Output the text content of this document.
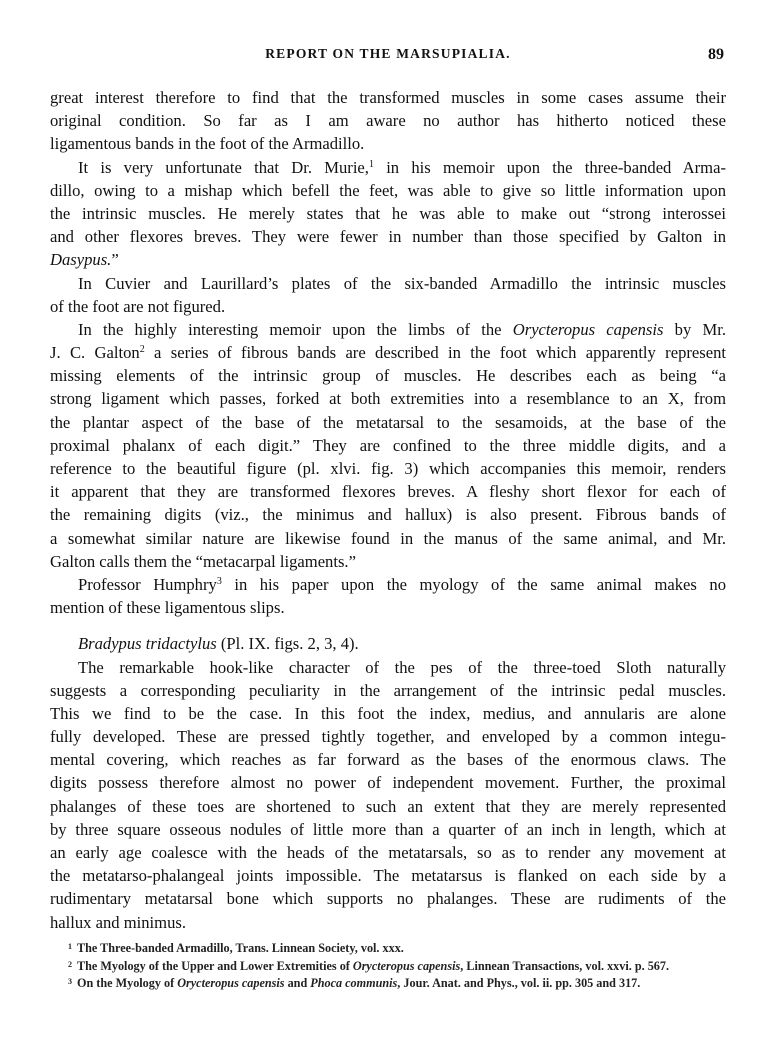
REPORT ON THE MARSUPIALIA.	89
great interest therefore to find that the transformed muscles in some cases assume their
original condition. So far as I am aware no author has hitherto noticed these
ligamentous bands in the foot of the Armadillo.
It is very unfortunate that Dr. Murie,$^1$ in his memoir upon the three-banded Arma-
dillo, owing to a mishap which befell the feet, was able to give so little information upon
the intrinsic muscles. He merely states that he was able to make out “strong interossei
and other flexores breves. They were fewer in number than those specified by Galton in
Dasypus.”
In Cuvier and Laurillard’s plates of the six-banded Armadillo the intrinsic muscles
of the foot are not figured.
In the highly interesting memoir upon the limbs of the Orycteropus capensis by Mr.
J. C. Galton$^2$ a series of fibrous bands are described in the foot which apparently represent
missing elements of the intrinsic group of muscles. He describes each as being “a
strong ligament which passes, forked at both extremities into a resemblance to an X, from
the plantar aspect of the base of the metatarsal to the sesamoids, at the base of the
proximal phalanx of each digit.” They are confined to the three middle digits, and a
reference to the beautiful figure (pl. xlvi. fig. 3) which accompanies this memoir, renders
it apparent that they are transformed flexores breves. A fleshy short flexor for each of
the remaining digits (viz., the minimus and hallux) is also present. Fibrous bands of
a somewhat similar nature are likewise found in the manus of the same animal, and Mr.
Galton calls them the “metacarpal ligaments.”
Professor Humphry$^3$ in his paper upon the myology of the same animal makes no
mention of these ligamentous slips.
Bradypus tridactylus (Pl. IX. figs. 2, 3, 4).
The remarkable hook-like character of the pes of the three-toed Sloth naturally
suggests a corresponding peculiarity in the arrangement of the intrinsic pedal muscles.
This we find to be the case. In this foot the index, medius, and annularis are alone
fully developed. These are pressed tightly together, and enveloped by a common integu-
mental covering, which reaches as far forward as the bases of the enormous claws. The
digits possess therefore almost no power of independent movement. Further, the proximal
phalanges of these toes are shortened to such an extent that they are merely represented
by three square osseous nodules of little more than a quarter of an inch in length, which at
an early age coalesce with the heads of the metatarsals, so as to render any movement at
the metatarso-phalangeal joints impossible. The metatarsus is flanked on each side by a
rudimentary metatarsal bone which supports no phalanges. These are rudiments of the
hallux and minimus.
$^1$ The Three-banded Armadillo, Trans. Linnean Society, vol. xxx.
$^2$ The Myology of the Upper and Lower Extremities of Orycteropus capensis, Linnean Transactions, vol. xxvi. p. 567.
$^3$ On the Myology of Orycteropus capensis and Phoca communis, Jour. Anat. and Phys., vol. ii. pp. 305 and 317.
